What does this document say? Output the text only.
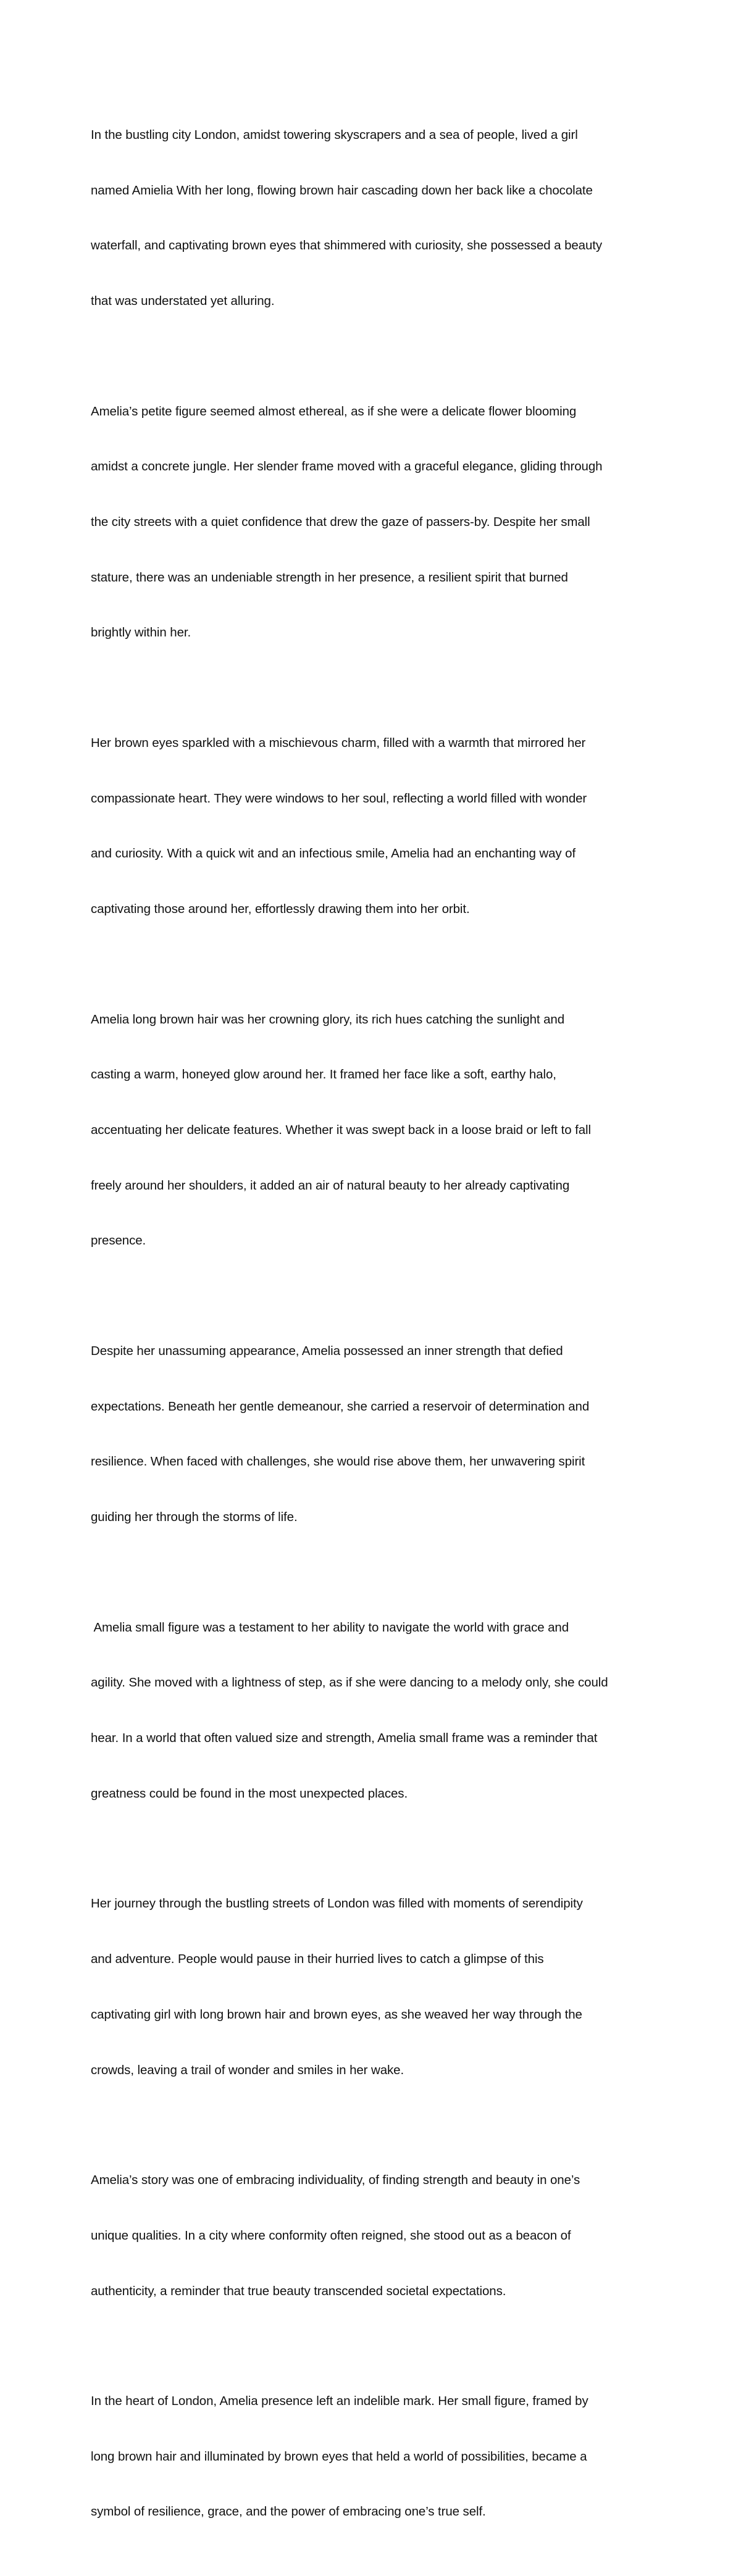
In the bustling city London, amidst towering skyscrapers and a sea of people, lived a girl

named Amielia With her long, flowing brown hair cascading down her back like a chocolate

waterfall, and captivating brown eyes that shimmered with curiosity, she possessed a beauty

that was understated yet alluring.

Amelia’s petite figure seemed almost ethereal, as if she were a delicate flower blooming

amidst a concrete jungle. Her slender frame moved with a graceful elegance, gliding through

the city streets with a quiet confidence that drew the gaze of passers-by. Despite her small

stature, there was an undeniable strength in her presence, a resilient spirit that burned

brightly within her.

Her brown eyes sparkled with a mischievous charm, filled with a warmth that mirrored her

compassionate heart. They were windows to her soul, reflecting a world filled with wonder

and curiosity. With a quick wit and an infectious smile, Amelia had an enchanting way of

captivating those around her, effortlessly drawing them into her orbit.

Amelia long brown hair was her crowning glory, its rich hues catching the sunlight and

casting a warm, honeyed glow around her. It framed her face like a soft, earthy halo,

accentuating her delicate features. Whether it was swept back in a loose braid or left to fall

freely around her shoulders, it added an air of natural beauty to her already captivating

presence.

Despite her unassuming appearance, Amelia possessed an inner strength that defied

expectations. Beneath her gentle demeanour, she carried a reservoir of determination and

resilience. When faced with challenges, she would rise above them, her unwavering spirit

guiding her through the storms of life.

Amelia small figure was a testament to her ability to navigate the world with grace and

agility. She moved with a lightness of step, as if she were dancing to a melody only, she could

hear. In a world that often valued size and strength, Amelia small frame was a reminder that

greatness could be found in the most unexpected places.

Her journey through the bustling streets of London was filled with moments of serendipity

and adventure. People would pause in their hurried lives to catch a glimpse of this

captivating girl with long brown hair and brown eyes, as she weaved her way through the

crowds, leaving a trail of wonder and smiles in her wake.

Amelia’s story was one of embracing individuality, of finding strength and beauty in one’s

unique qualities. In a city where conformity often reigned, she stood out as a beacon of

authenticity, a reminder that true beauty transcended societal expectations.

In the heart of London, Amelia presence left an indelible mark. Her small figure, framed by

long brown hair and illuminated by brown eyes that held a world of possibilities, became a

symbol of resilience, grace, and the power of embracing one’s true self.
